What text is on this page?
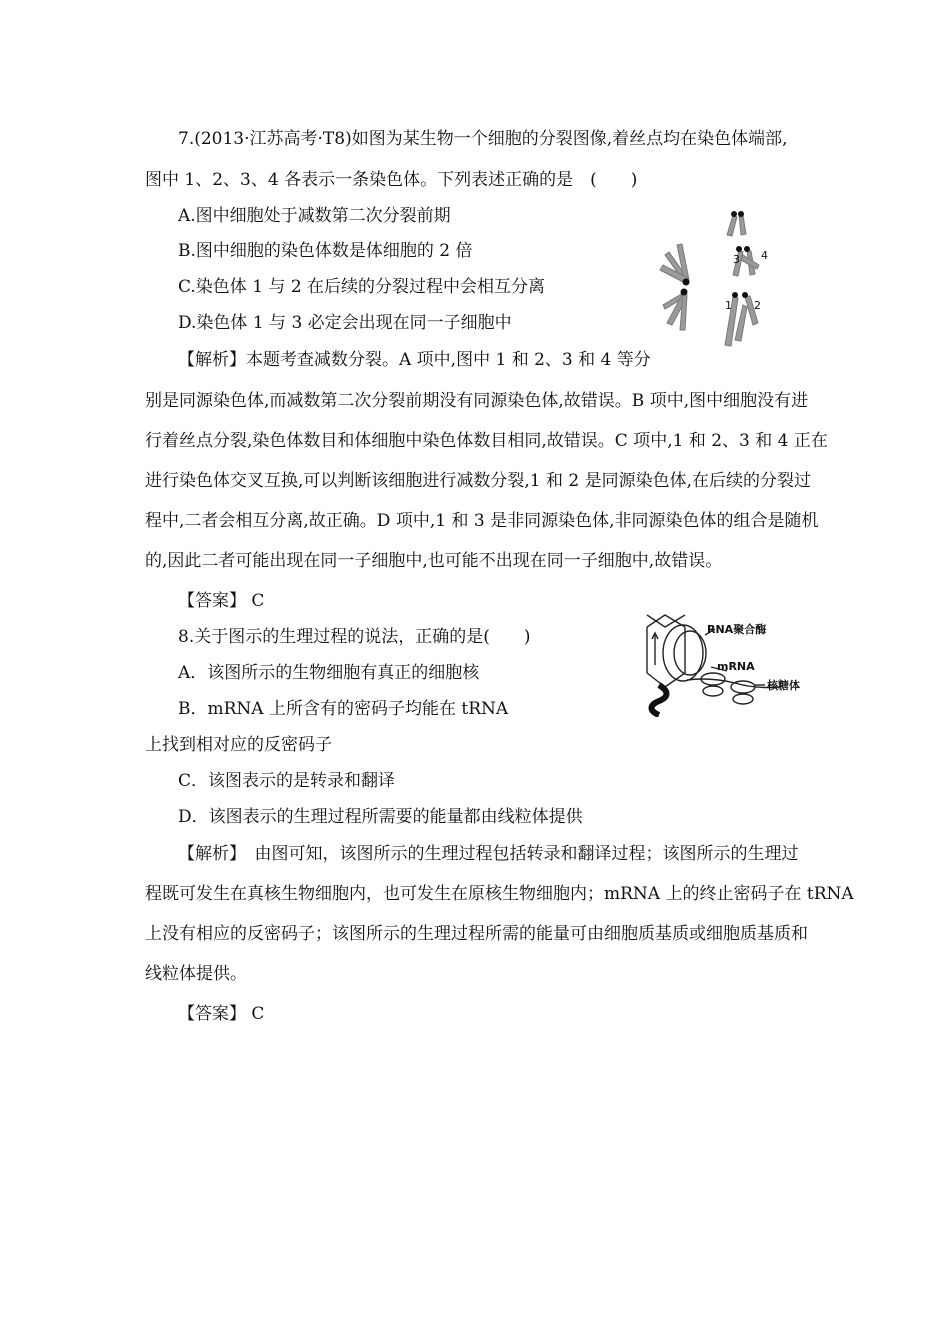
7.(2013·江苏高考·T8)如图为某生物一个细胞的分裂图像,着丝点均在染色体端部,
图中 1、2、3、4 各表示一条染色体。下列表述正确的是　(　　)
A.图中细胞处于减数第二次分裂前期
B.图中细胞的染色体数是体细胞的 2 倍
C.染色体 1 与 2 在后续的分裂过程中会相互分离
D.染色体 1 与 3 必定会出现在同一子细胞中
3 4
1 2
【解析】本题考查减数分裂。A 项中,图中 1 和 2、3 和 4 等分
别是同源染色体,而减数第二次分裂前期没有同源染色体,故错误。B 项中,图中细胞没有进
行着丝点分裂,染色体数目和体细胞中染色体数目相同,故错误。C 项中,1 和 2、3 和 4 正在
进行染色体交叉互换,可以判断该细胞进行减数分裂,1 和 2 是同源染色体,在后续的分裂过
程中,二者会相互分离,故正确。D 项中,1 和 3 是非同源染色体,非同源染色体的组合是随机
的,因此二者可能出现在同一子细胞中,也可能不出现在同一子细胞中,故错误。
【答案】 C
8.关于图示的生理过程的说法，正确的是(　　)
A．该图所示的生物细胞有真正的细胞核
B．mRNA 上所含有的密码子均能在 tRNA
上找到相对应的反密码子
C．该图表示的是转录和翻译
D．该图表示的生理过程所需要的能量都由线粒体提供
RNA聚合酶
mRNA
核糖体
【解析】　由图可知，该图所示的生理过程包括转录和翻译过程；该图所示的生理过
程既可发生在真核生物细胞内，也可发生在原核生物细胞内；mRNA 上的终止密码子在 tRNA
上没有相应的反密码子；该图所示的生理过程所需的能量可由细胞质基质或细胞质基质和
线粒体提供。
【答案】 C
